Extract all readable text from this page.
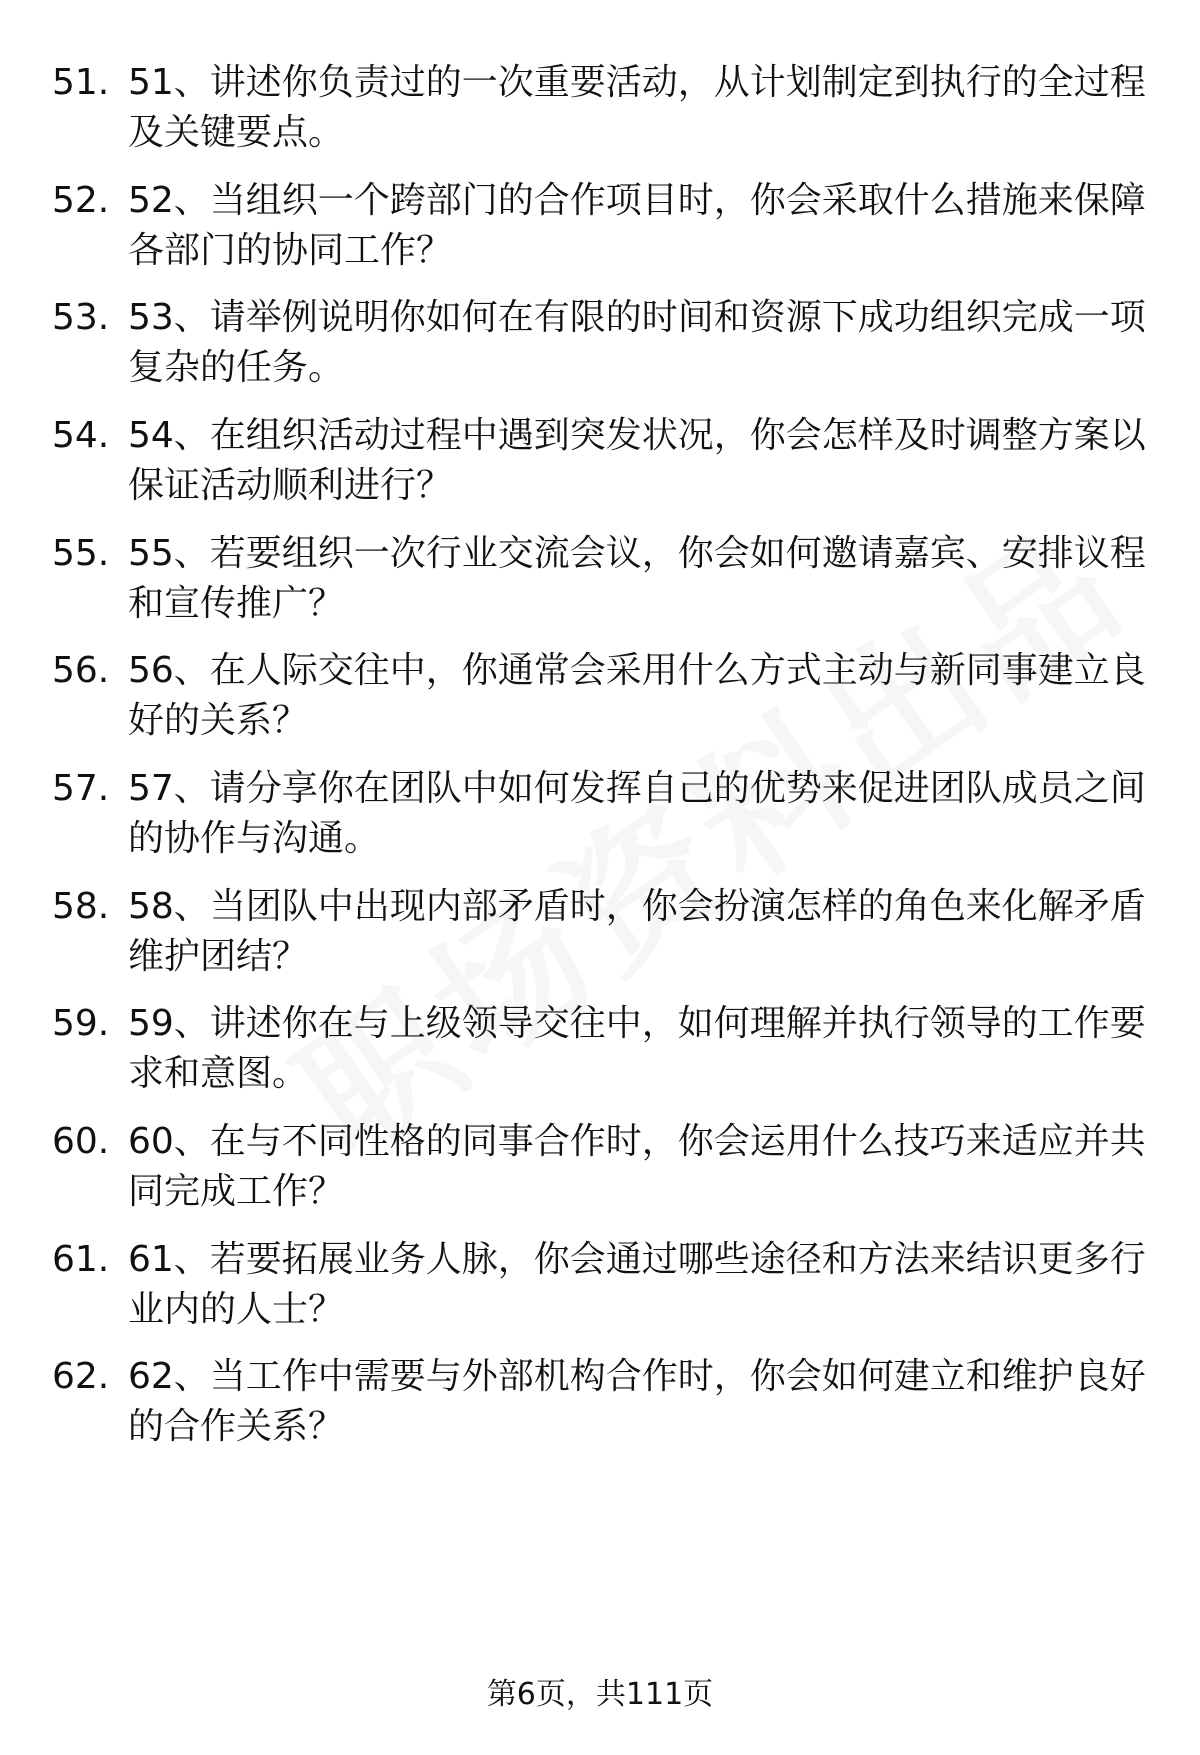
51. 51、讲述你负责过的一次重要活动，从计划制定到执行的全过程及关键要点。
52. 52、当组织一个跨部门的合作项目时，你会采取什么措施来保障各部门的协同工作？
53. 53、请举例说明你如何在有限的时间和资源下成功组织完成一项复杂的任务。
54. 54、在组织活动过程中遇到突发状况，你会怎样及时调整方案以保证活动顺利进行？
55. 55、若要组织一次行业交流会议，你会如何邀请嘉宾、安排议程和宣传推广？
56. 56、在人际交往中，你通常会采用什么方式主动与新同事建立良好的关系？
57. 57、请分享你在团队中如何发挥自己的优势来促进团队成员之间的协作与沟通。
58. 58、当团队中出现内部矛盾时，你会扮演怎样的角色来化解矛盾维护团结？
59. 59、讲述你在与上级领导交往中，如何理解并执行领导的工作要求和意图。
60. 60、在与不同性格的同事合作时，你会运用什么技巧来适应并共同完成工作？
61. 61、若要拓展业务人脉，你会通过哪些途径和方法来结识更多行业内的人士？
62. 62、当工作中需要与外部机构合作时，你会如何建立和维护良好的合作关系？
第6页，共111页
